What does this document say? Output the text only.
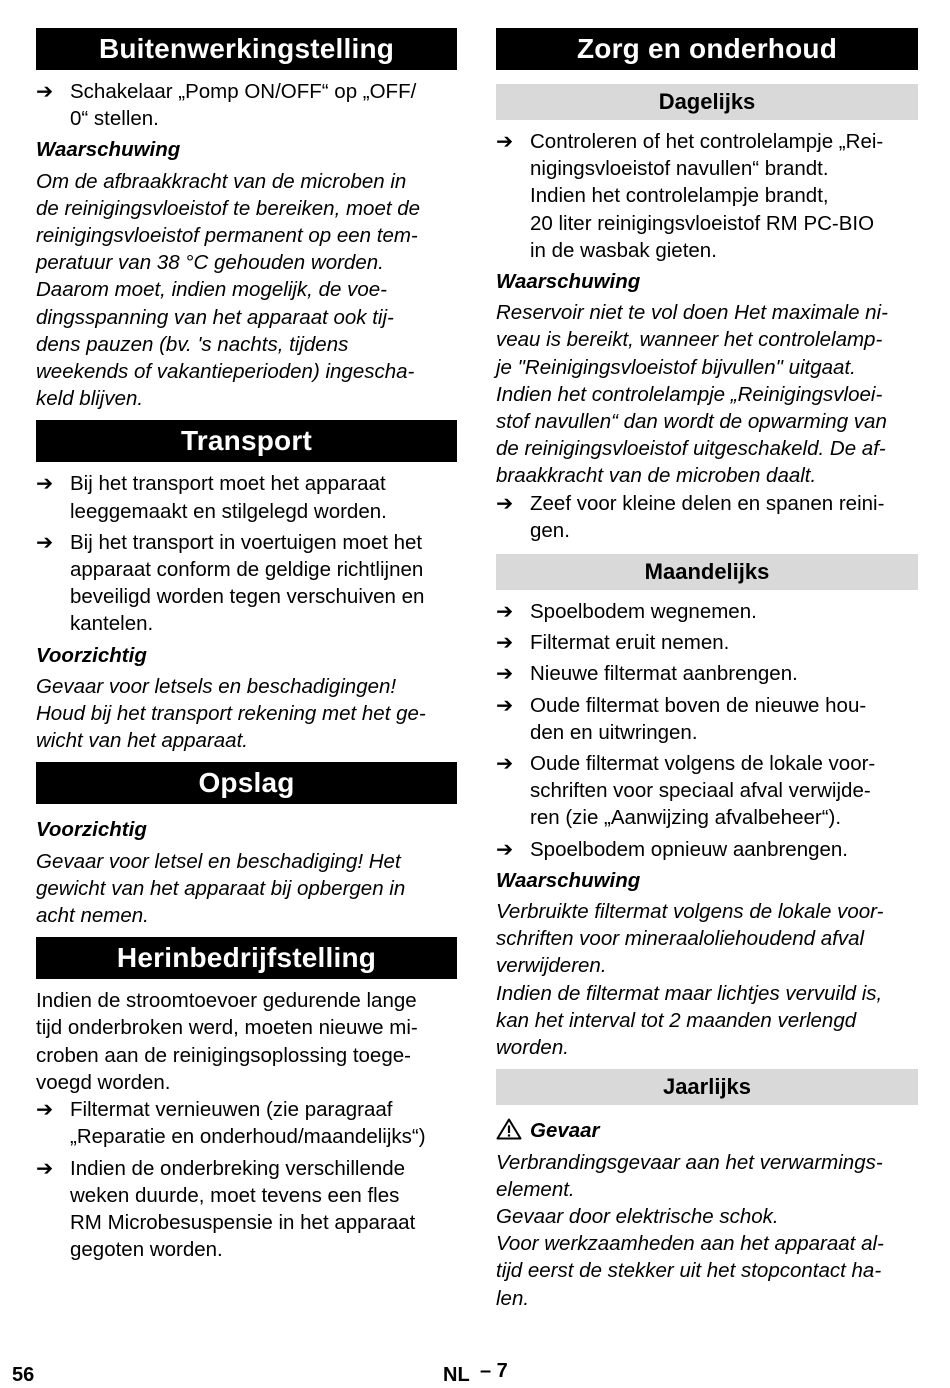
Buitenwerkingstelling
➔ Schakelaar „Pomp ON/OFF“ op „OFF/
0“ stellen.

Waarschuwing

Om de afbraakkracht van de microben in
de reinigingsvloeistof te bereiken, moet de
reinigingsvloeistof permanent op een tem-
peratuur van 38 °C gehouden worden.
Daarom moet, indien mogelijk, de voe-
dingsspanning van het apparaat ook tij-
dens pauzen (bv. 's nachts, tijdens
weekends of vakantieperioden) ingescha-
keld blijven.
Transport
➔ Bij het transport moet het apparaat
leeggemaakt en stilgelegd worden.
➔ Bij het transport in voertuigen moet het
apparaat conform de geldige richtlijnen
beveiligd worden tegen verschuiven en
kantelen.

Voorzichtig

Gevaar voor letsels en beschadigingen!
Houd bij het transport rekening met het ge-
wicht van het apparaat.
Opslag

Voorzichtig

Gevaar voor letsel en beschadiging! Het
gewicht van het apparaat bij opbergen in
acht nemen.
Herinbedrijfstelling
Indien de stroomtoevoer gedurende lange
tijd onderbroken werd, moeten nieuwe mi-
croben aan de reinigingsoplossing toege-
voegd worden.
➔ Filtermat vernieuwen (zie paragraaf
„Reparatie en onderhoud/maandelijks“)
➔ Indien de onderbreking verschillende
weken duurde, moet tevens een fles
RM Microbesuspensie in het apparaat
gegoten worden.
Zorg en onderhoud
Dagelijks
➔ Controleren of het controlelampje „Rei-
nigingsvloeistof navullen“ brandt.
Indien het controlelampje brandt,
20 liter reinigingsvloeistof RM PC-BIO
in de wasbak gieten.

Waarschuwing

Reservoir niet te vol doen Het maximale ni-
veau is bereikt, wanneer het controlelamp-
je "Reinigingsvloeistof bijvullen" uitgaat.
Indien het controlelampje „Reinigingsvloei-
stof navullen“ dan wordt de opwarming van
de reinigingsvloeistof uitgeschakeld. De af-
braakkracht van de microben daalt.
➔ Zeef voor kleine delen en spanen reini-
gen.
Maandelijks
➔ Spoelbodem wegnemen.
➔ Filtermat eruit nemen.
➔ Nieuwe filtermat aanbrengen.
➔ Oude filtermat boven de nieuwe hou-
den en uitwringen.
➔ Oude filtermat volgens de lokale voor-
schriften voor speciaal afval verwijde-
ren (zie „Aanwijzing afvalbeheer“).
➔ Spoelbodem opnieuw aanbrengen.

Waarschuwing

Verbruikte filtermat volgens de lokale voor-
schriften voor mineraaloliehoudend afval
verwijderen.
Indien de filtermat maar lichtjes vervuild is,
kan het interval tot 2 maanden verlengd
worden.
Jaarlijks

Gevaar

Verbrandingsgevaar aan het verwarmings-
element.
Gevaar door elektrische schok.
Voor werkzaamheden aan het apparaat al-
tijd eerst de stekker uit het stopcontact ha-
len.
56	NL – 7
